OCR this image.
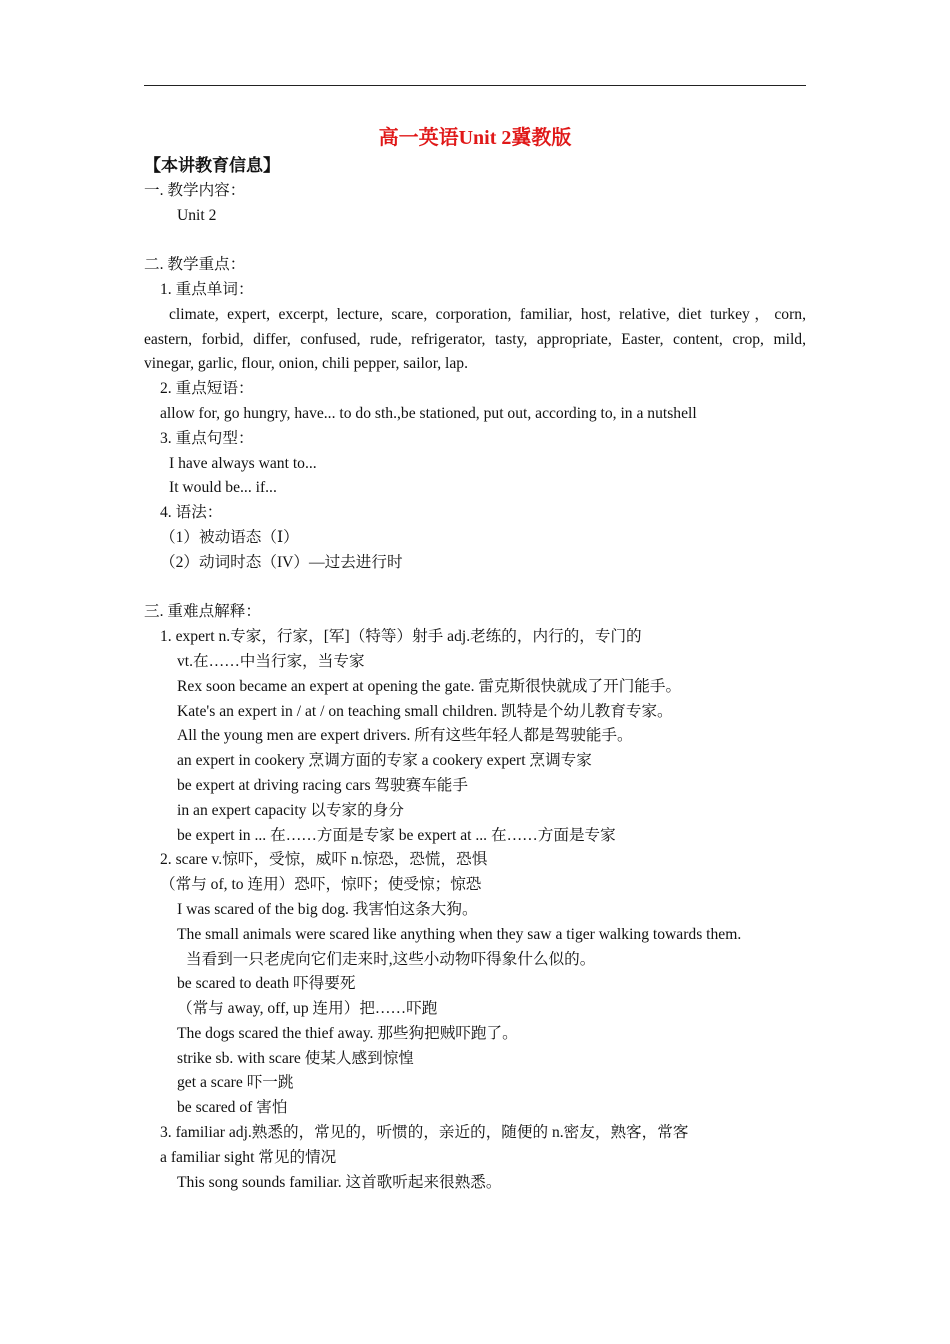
高一英语Unit 2冀教版
【本讲教育信息】
一. 教学内容：
Unit 2
二. 教学重点：
1. 重点单词：
climate, expert, excerpt, lecture, scare, corporation, familiar, host, relative, diet turkey，corn,
eastern, forbid, differ, confused, rude, refrigerator, tasty, appropriate, Easter, content, crop, mild,
vinegar, garlic, flour, onion, chili pepper, sailor, lap.
2. 重点短语：
allow for, go hungry, have... to do sth.,be stationed, put out, according to, in a nutshell
3. 重点句型：
I have always want to...
It would be... if...
4. 语法：
（1）被动语态（Ⅰ）
（2）动词时态（IV）—过去进行时
三. 重难点解释：
1. expert n.专家，行家，[军]（特等）射手 adj.老练的，内行的，专门的
vt.在……中当行家，当专家
Rex soon became an expert at opening the gate. 雷克斯很快就成了开门能手。
Kate's an expert in / at / on teaching small children. 凯特是个幼儿教育专家。
All the young men are expert drivers. 所有这些年轻人都是驾驶能手。
an expert in cookery 烹调方面的专家 a cookery expert 烹调专家
be expert at driving racing cars 驾驶赛车能手
in an expert capacity 以专家的身分
be expert in ... 在……方面是专家 be expert at ... 在……方面是专家
2. scare v.惊吓，受惊，威吓 n.惊恐，恐慌，恐惧
（常与 of, to 连用）恐吓，惊吓；使受惊；惊恐
I was scared of the big dog. 我害怕这条大狗。
The small animals were scared like anything when they saw a tiger walking towards them.
当看到一只老虎向它们走来时,这些小动物吓得象什么似的。
be scared to death 吓得要死
（常与 away, off, up 连用）把……吓跑
The dogs scared the thief away. 那些狗把贼吓跑了。
strike sb. with scare 使某人感到惊惶
get a scare 吓一跳
be scared of 害怕
3. familiar adj.熟悉的，常见的，听惯的，亲近的，随便的 n.密友，熟客，常客
a familiar sight 常见的情况
This song sounds familiar. 这首歌听起来很熟悉。
